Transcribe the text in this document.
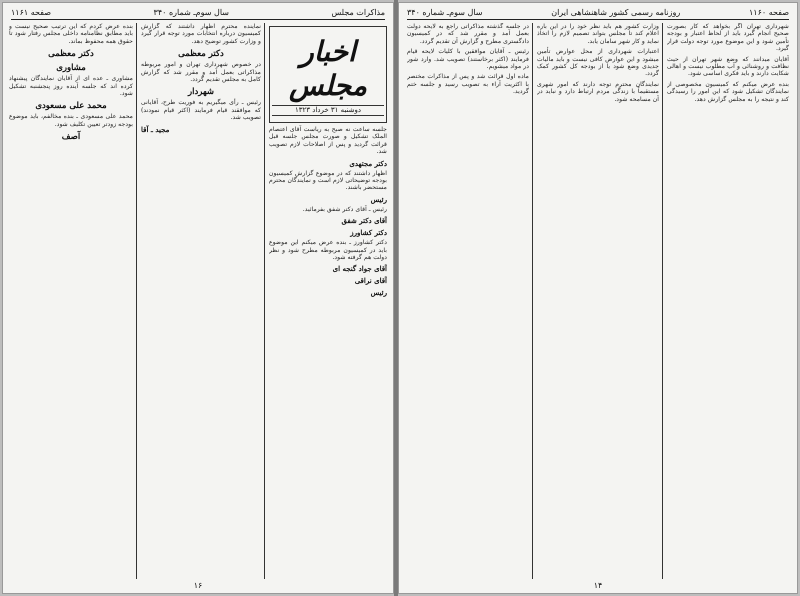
مذاکرات مجلس
سال سوم‌ـ شماره ۳۴۰
صفحه ۱۱۶۱
اخبار مجلس
دوشنبه ۳۱ خرداد ۱۳۲۳
جلسه ساعت نه صبح به ریاست آقای اعتصام الملک تشکیل و صورت مجلس جلسه قبل قرائت گردید و پس از اصلاحات لازم تصویب شد.
دکتر مجتهدی
اظهار داشتند که در موضوع گزارش کمیسیون بودجه توضیحاتی لازم است و نمایندگان محترم مستحضر باشند.
رئیس
رئیس ـ آقای دکتر شفق بفرمائید.
آقای دکتر شفق
دکتر کشاورز
دکتر کشاورز ـ بنده عرض میکنم این موضوع باید در کمیسیون مربوطه مطرح شود و نظر دولت هم گرفته شود.
آقای جواد گنجه ای
آقای نراقی
رئیس
نماینده محترم اظهار داشتند که گزارش کمیسیون درباره انتخابات مورد توجه قرار گیرد و وزارت کشور توضیح دهد.
دکتر معظمی
در خصوص شهرداری تهران و امور مربوطه مذاکراتی بعمل آمد و مقرر شد که گزارش کامل به مجلس تقدیم گردد.
شهردار
رئیس ـ رأی میگیریم به فوریت طرح، آقایانی که موافقند قیام فرمایند (اکثر قیام نمودند) تصویب شد.
مجید ـ آقا
بنده عرض کردم که این ترتیب صحیح نیست و باید مطابق نظامنامه داخلی مجلس رفتار شود تا حقوق همه محفوظ بماند.
دکتر معظمی
مشاوری
مشاوری ـ عده ای از آقایان نمایندگان پیشنهاد کرده اند که جلسه آینده روز پنجشنبه تشکیل شود.
محمد علی مسعودی
محمد علی مسعودی ـ بنده مخالفم، باید موضوع بودجه زودتر تعیین تکلیف شود.
آصف
۱۶
صفحه ۱۱۶۰
روزنامه رسمی کشور شاهنشاهی ایران
سال سوم‌ـ شماره ۳۴۰
شهرداری تهران اگر بخواهد که کار بصورت صحیح انجام گیرد باید از لحاظ اعتبار و بودجه تأمین شود و این موضوع مورد توجه دولت قرار گیرد.
آقایان میدانند که وضع شهر تهران از حیث نظافت و روشنائی و آب مطلوب نیست و اهالی شکایت دارند و باید فکری اساسی شود.
بنده عرض میکنم که کمیسیون مخصوصی از نمایندگان تشکیل شود که این امور را رسیدگی کند و نتیجه را به مجلس گزارش دهد.
وزارت کشور هم باید نظر خود را در این باره اعلام کند تا مجلس بتواند تصمیم لازم را اتخاذ نماید و کار شهر سامان یابد.
اعتبارات شهرداری از محل عوارض تأمین میشود و این عوارض کافی نیست و باید مالیات جدیدی وضع شود یا از بودجه کل کشور کمک گردد.
نمایندگان محترم توجه دارند که امور شهری مستقیماً با زندگی مردم ارتباط دارد و نباید در آن مسامحه شود.
در جلسه گذشته مذاکراتی راجع به لایحه دولت بعمل آمد و مقرر شد که در کمیسیون دادگستری مطرح و گزارش آن تقدیم گردد.
رئیس ـ آقایان موافقین با کلیات لایحه قیام فرمایند (اکثر برخاستند) تصویب شد. وارد شور در مواد میشویم.
ماده اول قرائت شد و پس از مذاکرات مختصر با اکثریت آراء به تصویب رسید و جلسه ختم گردید.
۱۴
